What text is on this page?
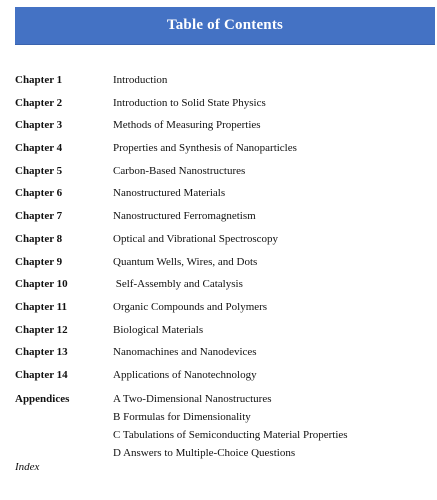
Table of Contents
Chapter 1	Introduction
Chapter 2	Introduction to Solid State Physics
Chapter 3	Methods of Measuring Properties
Chapter 4	Properties and Synthesis of Nanoparticles
Chapter 5	Carbon-Based Nanostructures
Chapter 6	Nanostructured Materials
Chapter 7	Nanostructured Ferromagnetism
Chapter 8	Optical and Vibrational Spectroscopy
Chapter 9	Quantum Wells, Wires, and Dots
Chapter 10	Self-Assembly and Catalysis
Chapter 11	Organic Compounds and Polymers
Chapter 12	Biological Materials
Chapter 13	Nanomachines and Nanodevices
Chapter 14	Applications of Nanotechnology
Appendices	A Two-Dimensional Nanostructures
B Formulas for Dimensionality
C Tabulations of Semiconducting Material Properties
D Answers to Multiple-Choice Questions
Index
